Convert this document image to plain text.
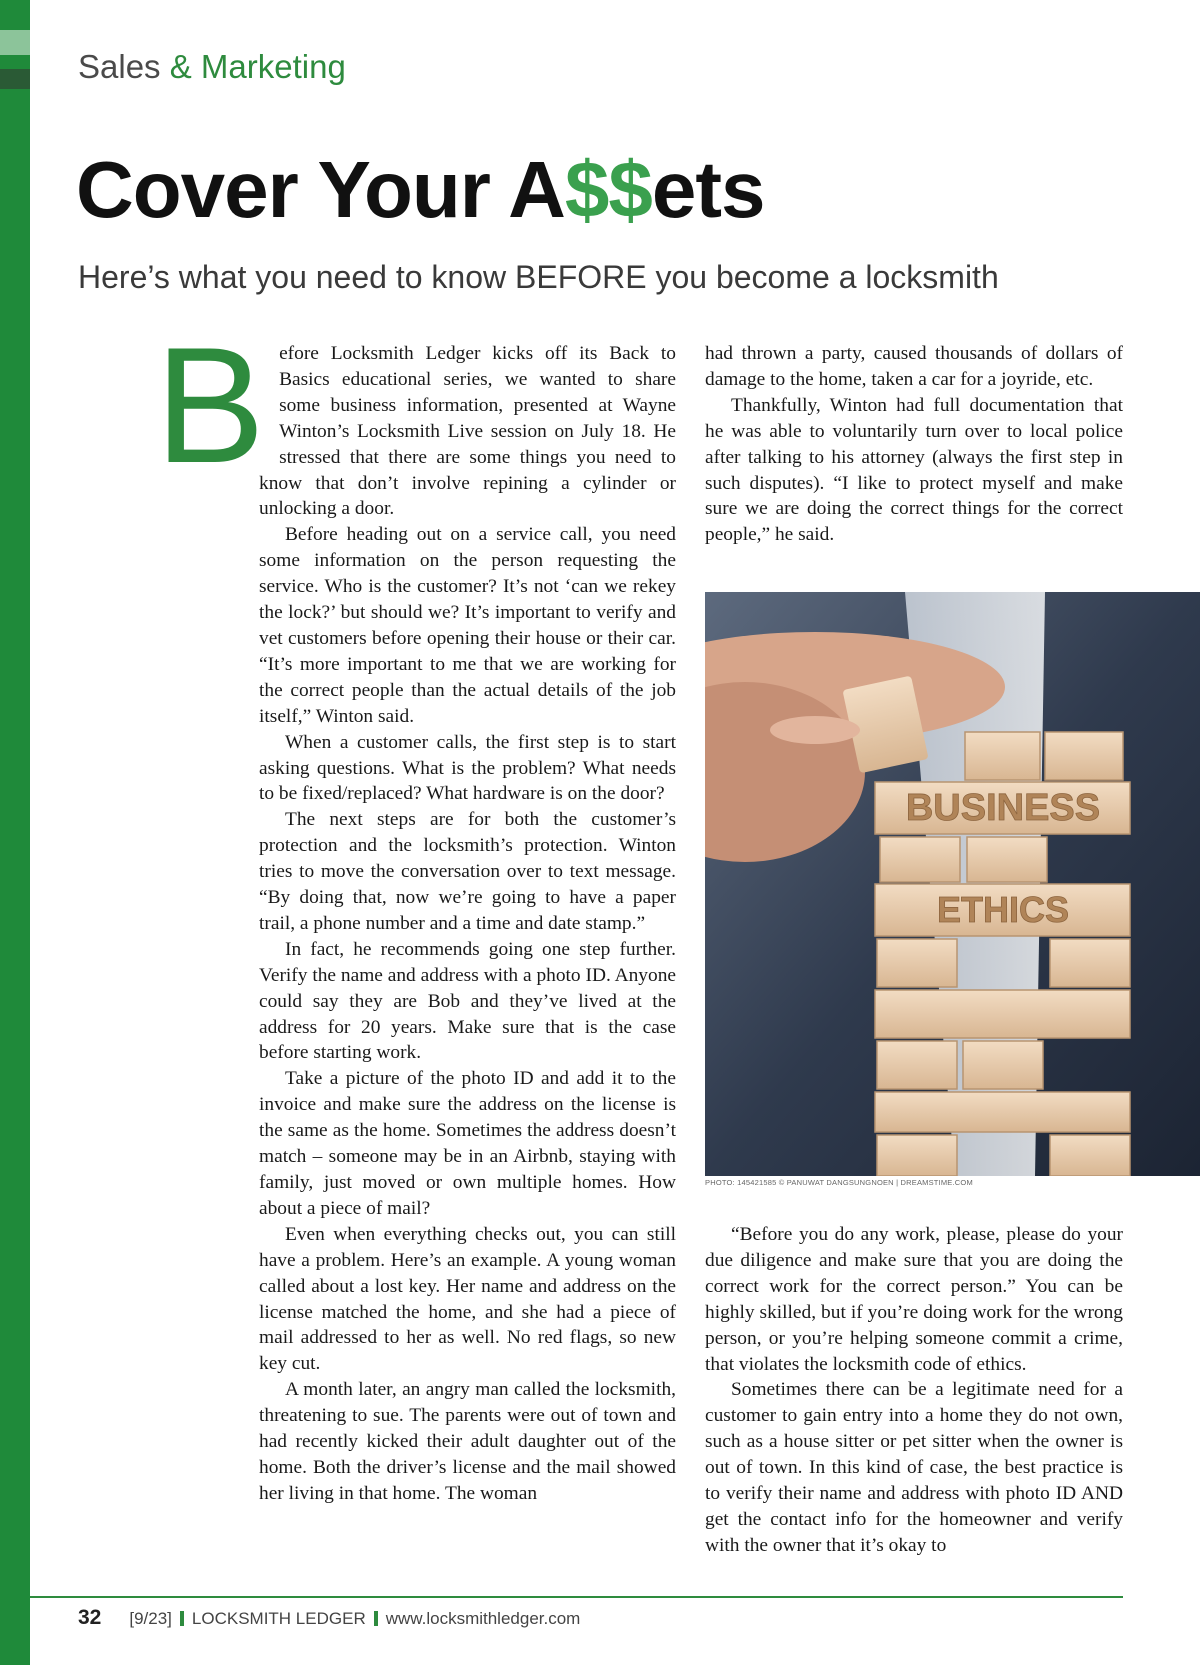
Sales & Marketing
Cover Your A$$ets
Here’s what you need to know BEFORE you become a locksmith

Before Locksmith Ledger kicks off its Back to Basics educational series, we wanted to share some business information, presented at Wayne Winton’s Locksmith Live session on July 18. He stressed that there are some things you need to know that don’t involve repining a cylinder or unlocking a door.

Before heading out on a service call, you need some information on the person requesting the service. Who is the customer? It’s not ‘can we rekey the lock?’ but should we? It’s important to verify and vet customers before opening their house or their car. “It’s more important to me that we are working for the correct people than the actual details of the job itself,” Winton said.

When a customer calls, the first step is to start asking questions. What is the problem? What needs to be fixed/replaced? What hardware is on the door?

The next steps are for both the customer’s protection and the locksmith’s protection. Winton tries to move the conversation over to text message. “By doing that, now we’re going to have a paper trail, a phone number and a time and date stamp.”

In fact, he recommends going one step further. Verify the name and address with a photo ID. Anyone could say they are Bob and they’ve lived at the address for 20 years. Make sure that is the case before starting work.

Take a picture of the photo ID and add it to the invoice and make sure the address on the license is the same as the home. Sometimes the address doesn’t match – someone may be in an Airbnb, staying with family, just moved or own multiple homes. How about a piece of mail?

Even when everything checks out, you can still have a problem. Here’s an example. A young woman called about a lost key. Her name and address on the license matched the home, and she had a piece of mail addressed to her as well. No red flags, so new key cut.

A month later, an angry man called the locksmith, threatening to sue. The parents were out of town and had recently kicked their adult daughter out of the home. Both the driver’s license and the mail showed her living in that home. The woman

had thrown a party, caused thousands of dollars of damage to the home, taken a car for a joyride, etc.

Thankfully, Winton had full documentation that he was able to voluntarily turn over to local police after talking to his attorney (always the first step in such disputes). “I like to protect myself and make sure we are doing the correct things for the correct people,” he said.

BUSINESS
ETHICS
PHOTO: 145421585 © PANUWAT DANGSUNGNOEN | DREAMSTIME.COM

“Before you do any work, please, please do your due diligence and make sure that you are doing the correct work for the correct person.” You can be highly skilled, but if you’re doing work for the wrong person, or you’re helping someone commit a crime, that violates the locksmith code of ethics.

Sometimes there can be a legitimate need for a customer to gain entry into a home they do not own, such as a house sitter or pet sitter when the owner is out of town. In this kind of case, the best practice is to verify their name and address with photo ID AND get the contact info for the homeowner and verify with the owner that it’s okay to

32 [9/23] LOCKSMITH LEDGER www.locksmithledger.com
